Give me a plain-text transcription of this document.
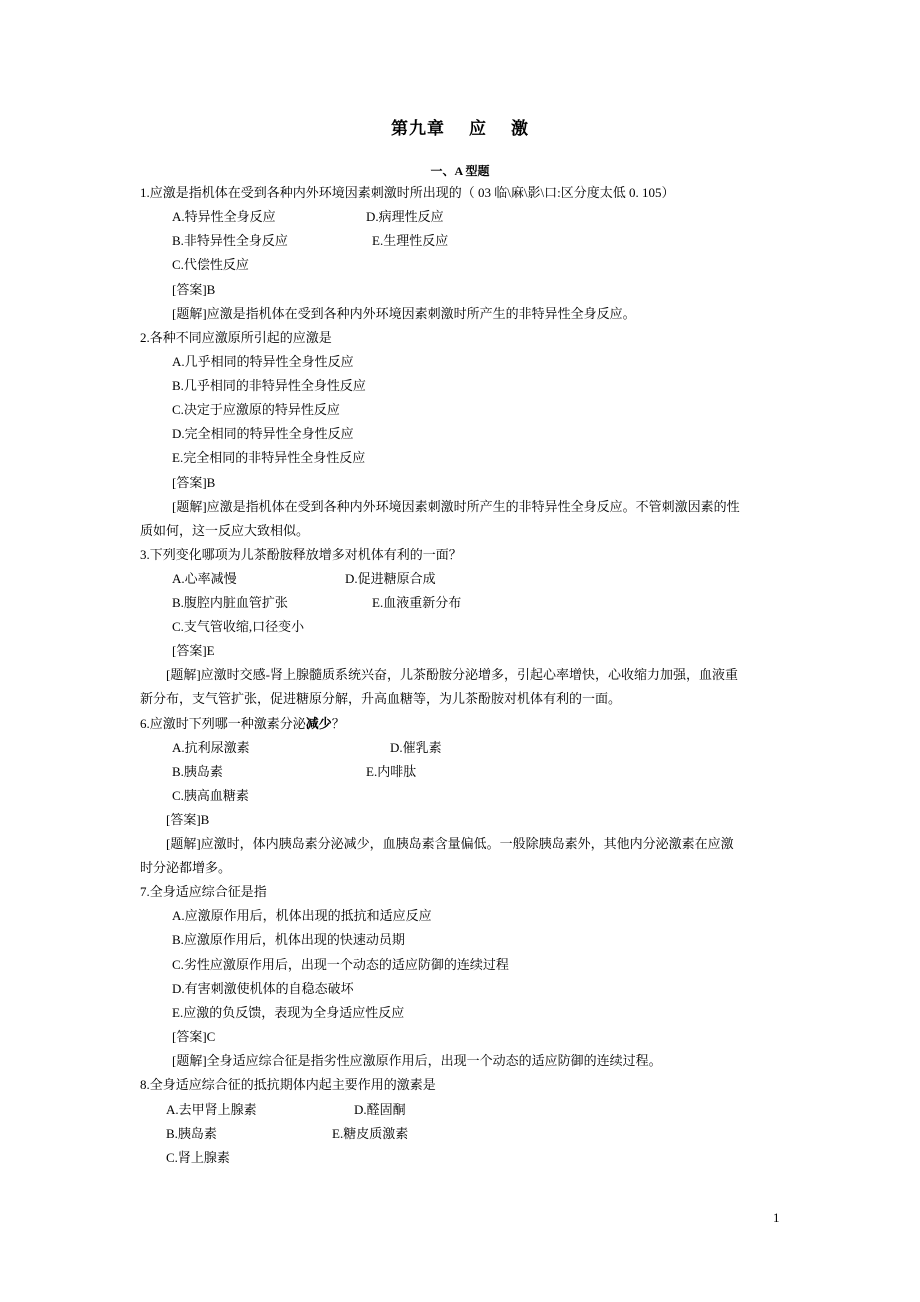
第九章 应 激
一、A 型题
1.应激是指机体在受到各种内外环境因素刺激时所出现的（ 03 临\麻\影\口:区分度太低 0. 105）
A.特异性全身反应	D.病理性反应
B.非特异性全身反应	E.生理性反应
C.代偿性反应
[答案]B
[题解]应激是指机体在受到各种内外环境因素刺激时所产生的非特异性全身反应。
2.各种不同应激原所引起的应激是
A.几乎相同的特异性全身性反应
B.几乎相同的非特异性全身性反应
C.决定于应激原的特异性反应
D.完全相同的特异性全身性反应
E.完全相同的非特异性全身性反应
[答案]B
[题解]应激是指机体在受到各种内外环境因素刺激时所产生的非特异性全身反应。不管刺激因素的性
质如何，这一反应大致相似。
3.下列变化哪项为儿茶酚胺释放增多对机体有利的一面？
A.心率减慢	D.促进糖原合成
B.腹腔内脏血管扩张	E.血液重新分布
C.支气管收缩,口径变小
[答案]E
[题解]应激时交感-肾上腺髓质系统兴奋，儿茶酚胺分泌增多，引起心率增快，心收缩力加强，血液重
新分布，支气管扩张，促进糖原分解，升高血糖等，为儿茶酚胺对机体有利的一面。
6.应激时下列哪一种激素分泌减少？
A.抗利尿激素	D.催乳素
B.胰岛素	E.内啡肽
C.胰高血糖素
[答案]B
[题解]应激时，体内胰岛素分泌减少，血胰岛素含量偏低。一般除胰岛素外，其他内分泌激素在应激
时分泌都增多。
7.全身适应综合征是指
A.应激原作用后，机体出现的抵抗和适应反应
B.应激原作用后，机体出现的快速动员期
C.劣性应激原作用后，出现一个动态的适应防御的连续过程
D.有害刺激使机体的自稳态破坏
E.应激的负反馈，表现为全身适应性反应
[答案]C
[题解]全身适应综合征是指劣性应激原作用后，出现一个动态的适应防御的连续过程。
8.全身适应综合征的抵抗期体内起主要作用的激素是
A.去甲肾上腺素	D.醛固酮
B.胰岛素	E.糖皮质激素
C.肾上腺素
1
